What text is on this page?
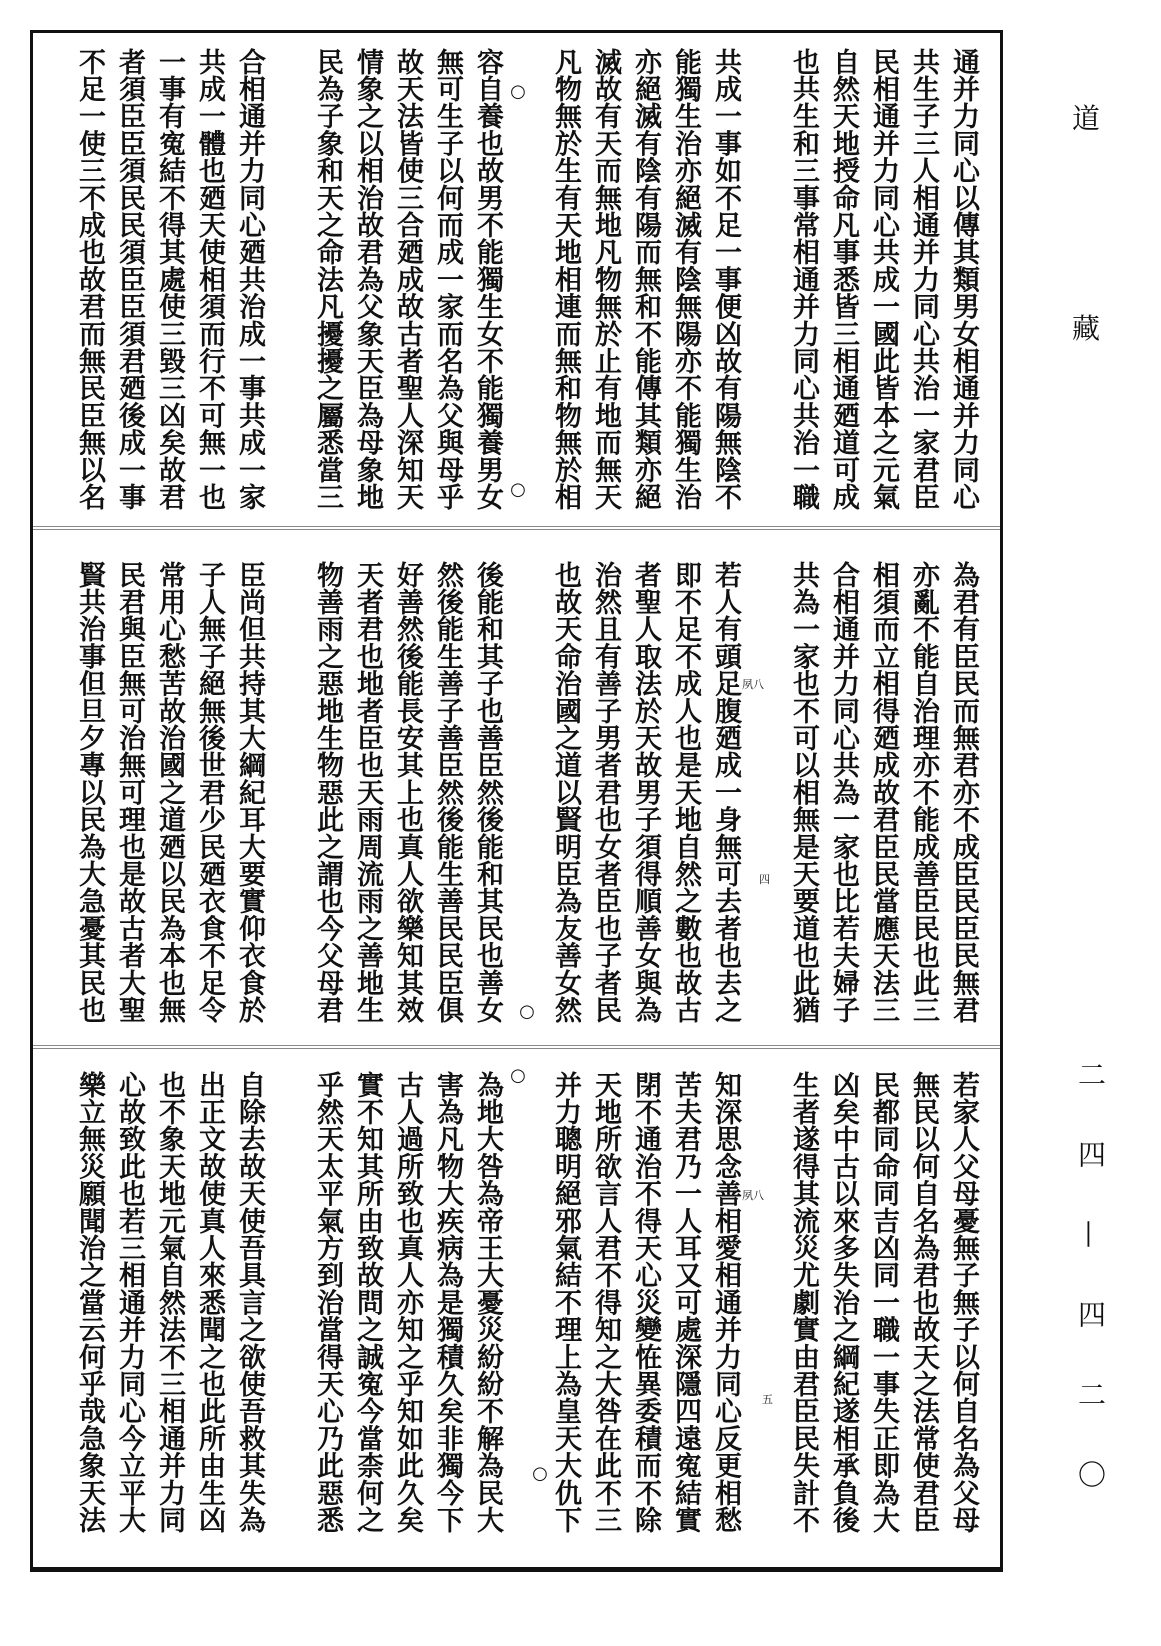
通并力同心以傳其類男女相通并力同心
共生子三人相通并力同心共治一家君臣
民相通并力同心共成一國此皆本之元氣
自然天地授命凡事悉皆三相通廼道可成
也共生和三事常相通并力同心共治一職
共成一事如不足一事便凶故有陽無陰不
能獨生治亦絕滅有陰無陽亦不能獨生治
亦絕滅有陰有陽而無和不能傳其類亦絕
滅故有天而無地凡物無於止有地而無天
凡物無於生有天地相連而無和物無於相
容自養也故男不能獨生女不能獨養男女
無可生子以何而成一家而名為父與母乎
故天法皆使三合廼成故古者聖人深知天
情象之以相治故君為父象天臣為母象地
民為子象和天之命法凡擾擾之屬悉當三
合相通并力同心廼共治成一事共成一家
共成一體也廼天使相須而行不可無一也
一事有寃結不得其處使三毀三凶矣故君
者須臣臣須民民須臣臣須君廼後成一事
不足一使三不成也故君而無民臣無以名
為君有臣民而無君亦不成臣民臣民無君
亦亂不能自治理亦不能成善臣民也此三
相須而立相得廼成故君臣民當應天法三
合相通并力同心共為一家也比若夫婦子
共為一家也不可以相無是天要道也此猶
若人有頭足腹廼成一身無可去者也去之
即不足不成人也是天地自然之數也故古
者聖人取法於天故男子須得順善女與為
治然且有善子男者君也女者臣也子者民
也故天命治國之道以賢明臣為友善女然
後能和其子也善臣然後能和其民也善女
然後能生善子善臣然後能生善民民臣俱
好善然後能長安其上也真人欲樂知其效
天者君也地者臣也天雨周流雨之善地生
物善雨之惡地生物惡此之謂也今父母君
臣尚但共持其大綱紀耳大要實仰衣食於
子人無子絕無後世君少民廼衣食不足令
常用心愁苦故治國之道廼以民為本也無
民君與臣無可治無可理也是故古者大聖
賢共治事但旦夕專以民為大急憂其民也
若家人父母憂無子無子以何自名為父母
無民以何自名為君也故天之法常使君臣
民都同命同吉凶同一職一事失正即為大
凶矣中古以來多失治之綱紀遂相承負後
生者遂得其流災尤劇實由君臣民失計不
知深思念善相愛相通并力同心反更相愁
苦夫君乃一人耳又可處深隱四遠寃結實
閉不通治不得天心災變恠異委積而不除
天地所欲言人君不得知之大咎在此不三
并力聰明絕邪氣結不理上為皇天大仇下
為地大咎為帝王大憂災紛紛不解為民大
害為凡物大疾病為是獨積久矣非獨今下
古人過所致也真人亦知之乎知如此久矣
實不知其所由致故問之誠寃今當柰何之
乎然天太平氣方到治當得天心乃此惡悉
自除去故天使吾具言之欲使吾救其失為
出正文故使真人來悉聞之也此所由生凶
也不象天地元氣自然法不三相通并力同
心故致此也若三相通并力同心今立平大
樂立無災願聞治之當云何乎哉急象天法
○
○
○
○
○
夙八
四
夙八
五
道
藏
二四—四二〇
